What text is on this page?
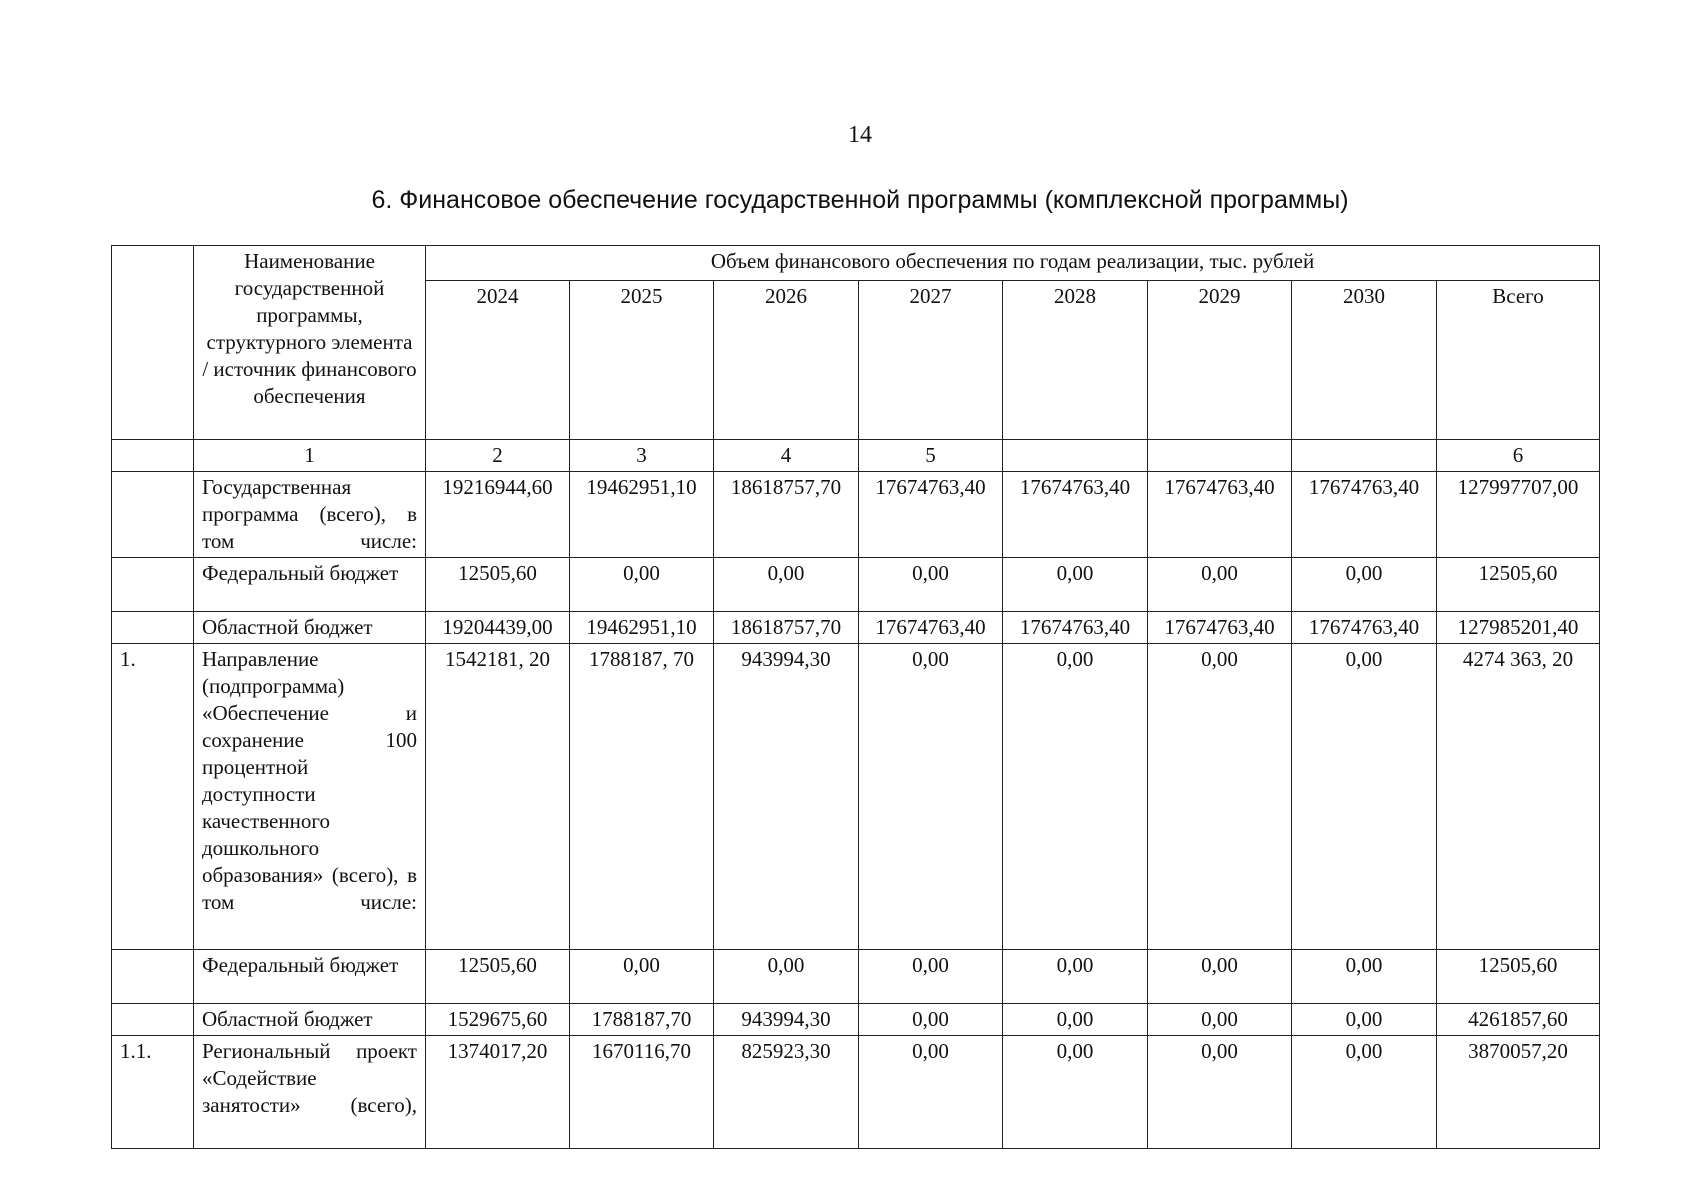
14
6. Финансовое обеспечение государственной программы (комплексной программы)
	Наименование государственной программы, структурного элемента / источник финансового обеспечения	Объем финансового обеспечения по годам реализации, тыс. рублей							
		2024	2025	2026	2027	2028	2029	2030	Всего
	1	2	3	4	5				6
	Государственная программа (всего), в том числе:	19216944,60	19462951,10	18618757,70	17674763,40	17674763,40	17674763,40	17674763,40	127997707,00
	Федеральный бюджет	12505,60	0,00	0,00	0,00	0,00	0,00	0,00	12505,60
	Областной бюджет	19204439,00	19462951,10	18618757,70	17674763,40	17674763,40	17674763,40	17674763,40	127985201,40
1.	Направление (подпрограмма) «Обеспечение и сохранение 100 процентной доступности качественного дошкольного образования» (всего), в том числе:	1542181, 20	1788187, 70	943994,30	0,00	0,00	0,00	0,00	4274 363, 20
	Федеральный бюджет	12505,60	0,00	0,00	0,00	0,00	0,00	0,00	12505,60
	Областной бюджет	1529675,60	1788187,70	943994,30	0,00	0,00	0,00	0,00	4261857,60
1.1.	Региональный проект «Содействие занятости» (всего),	1374017,20	1670116,70	825923,30	0,00	0,00	0,00	0,00	3870057,20
